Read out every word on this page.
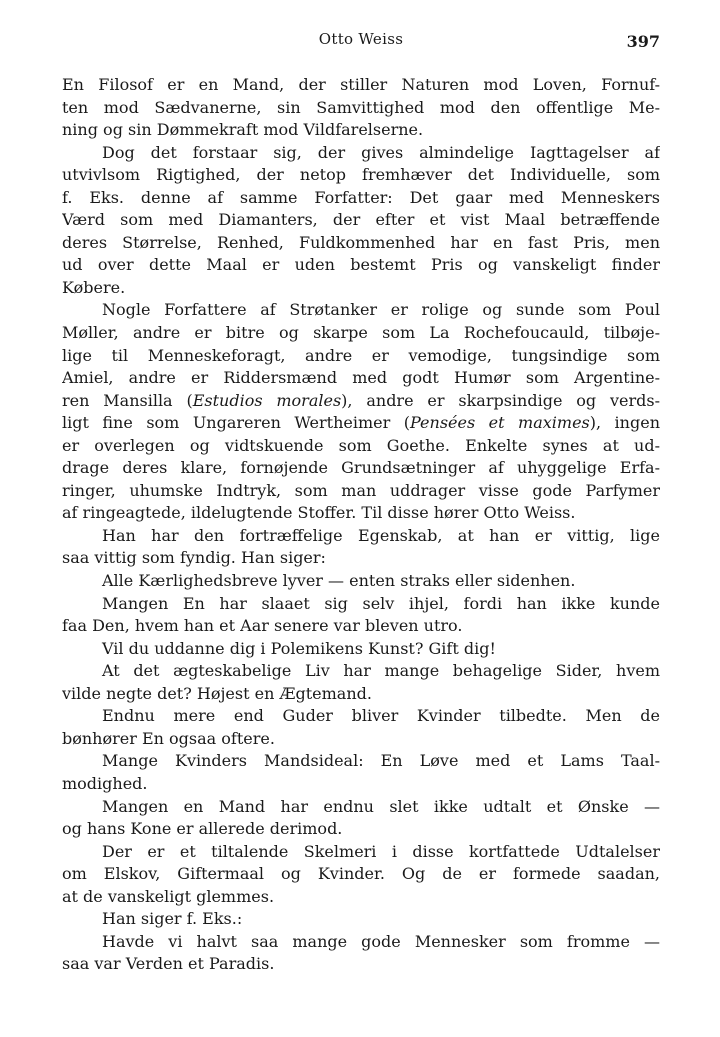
Otto Weiss	397
En Filosof er en Mand, der stiller Naturen mod Loven, Fornuf-
ten mod Sædvanerne, sin Samvittighed mod den offentlige Me-
ning og sin Dømmekraft mod Vildfarelserne.
Dog det forstaar sig, der gives almindelige Iagttagelser af
utvivlsom Rigtighed, der netop fremhæver det Individuelle, som
f. Eks. denne af samme Forfatter: Det gaar med Menneskers
Værd som med Diamanters, der efter et vist Maal betræffende
deres Størrelse, Renhed, Fuldkommenhed har en fast Pris, men
ud over dette Maal er uden bestemt Pris og vanskeligt finder
Købere.
Nogle Forfattere af Strøtanker er rolige og sunde som Poul
Møller, andre er bitre og skarpe som La Rochefoucauld, tilbøje-
lige til Menneskeforagt, andre er vemodige, tungsindige som
Amiel, andre er Riddersmænd med godt Humør som Argentine-
ren Mansilla (Estudios morales), andre er skarpsindige og verds-
ligt fine som Ungareren Wertheimer (Pensées et maximes), ingen
er overlegen og vidtskuende som Goethe. Enkelte synes at ud-
drage deres klare, fornøjende Grundsætninger af uhyggelige Erfa-
ringer, uhumske Indtryk, som man uddrager visse gode Parfymer
af ringeagtede, ildelugtende Stoffer. Til disse hører Otto Weiss.
Han har den fortræffelige Egenskab, at han er vittig, lige
saa vittig som fyndig. Han siger:
Alle Kærlighedsbreve lyver — enten straks eller sidenhen.
Mangen En har slaaet sig selv ihjel, fordi han ikke kunde
faa Den, hvem han et Aar senere var bleven utro.
Vil du uddanne dig i Polemikens Kunst? Gift dig!
At det ægteskabelige Liv har mange behagelige Sider, hvem
vilde negte det? Højest en Ægtemand.
Endnu mere end Guder bliver Kvinder tilbedte. Men de
bønhører En ogsaa oftere.
Mange Kvinders Mandsideal: En Løve med et Lams Taal-
modighed.
Mangen en Mand har endnu slet ikke udtalt et Ønske —
og hans Kone er allerede derimod.
Der er et tiltalende Skelmeri i disse kortfattede Udtalelser
om Elskov, Giftermaal og Kvinder. Og de er formede saadan,
at de vanskeligt glemmes.
Han siger f. Eks.:
Havde vi halvt saa mange gode Mennesker som fromme —
saa var Verden et Paradis.
